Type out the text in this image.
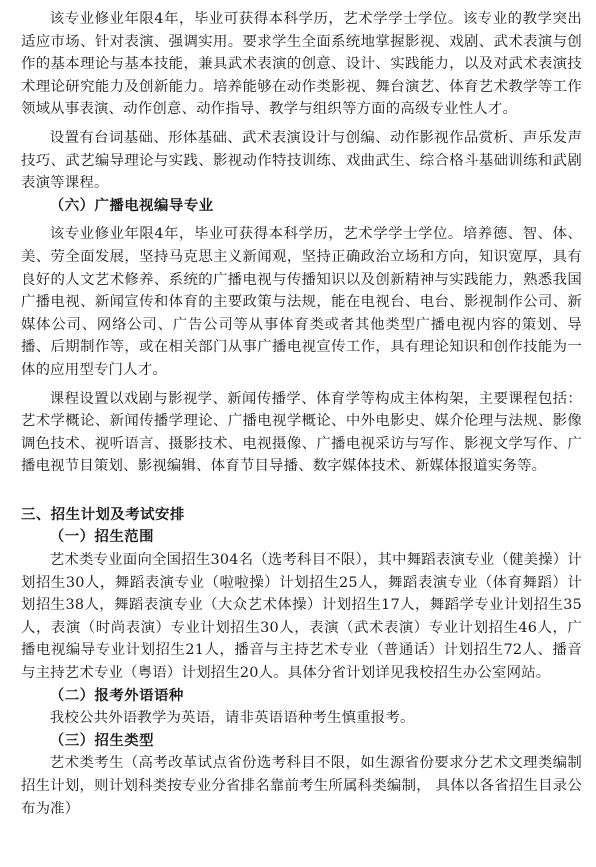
该专业修业年限4年，毕业可获得本科学历，艺术学学士学位。该专业的教学突出适应市场、针对表演、强调实用。要求学生全面系统地掌握影视、戏剧、武术表演与创作的基本理论与基本技能，兼具武术表演的创意、设计、实践能力，以及对武术表演技术理论研究能力及创新能力。培养能够在动作类影视、舞台演艺、体育艺术教学等工作领域从事表演、动作创意、动作指导、教学与组织等方面的高级专业性人才。

设置有台词基础、形体基础、武术表演设计与创编、动作影视作品赏析、声乐发声技巧、武艺编导理论与实践、影视动作特技训练、戏曲武生、综合格斗基础训练和武剧表演等课程。

（六）广播电视编导专业

该专业修业年限4年，毕业可获得本科学历，艺术学学士学位。培养德、智、体、美、劳全面发展，坚持马克思主义新闻观，坚持正确政治立场和方向，知识宽厚，具有良好的人文艺术修养、系统的广播电视与传播知识以及创新精神与实践能力，熟悉我国广播电视、新闻宣传和体育的主要政策与法规，能在电视台、电台、影视制作公司、新媒体公司、网络公司、广告公司等从事体育类或者其他类型广播电视内容的策划、导播、后期制作等，或在相关部门从事广播电视宣传工作，具有理论知识和创作技能为一体的应用型专门人才。

课程设置以戏剧与影视学、新闻传播学、体育学等构成主体构架，主要课程包括：艺术学概论、新闻传播学理论、广播电视学概论、中外电影史、媒介伦理与法规、影像调色技术、视听语言、摄影技术、电视摄像、广播电视采访与写作、影视文学写作、广播电视节目策划、影视编辑、体育节目导播、数字媒体技术、新媒体报道实务等。

三、招生计划及考试安排

（一）招生范围

艺术类专业面向全国招生304名（选考科目不限），其中舞蹈表演专业（健美操）计划招生30人，舞蹈表演专业（啦啦操）计划招生25人，舞蹈表演专业（体育舞蹈）计划招生38人，舞蹈表演专业（大众艺术体操）计划招生17人，舞蹈学专业计划招生35人，表演（时尚表演）专业计划招生30人，表演（武术表演）专业计划招生46人，广播电视编导专业计划招生21人，播音与主持艺术专业（普通话）计划招生72人、播音与主持艺术专业（粤语）计划招生20人。具体分省计划详见我校招生办公室网站。

（二）报考外语语种

我校公共外语教学为英语，请非英语语种考生慎重报考。

（三）招生类型

艺术类考生（高考改革试点省份选考科目不限，如生源省份要求分艺术文理类编制招生计划，则计划科类按专业分省排名靠前考生所属科类编制， 具体以各省招生目录公布为准）
